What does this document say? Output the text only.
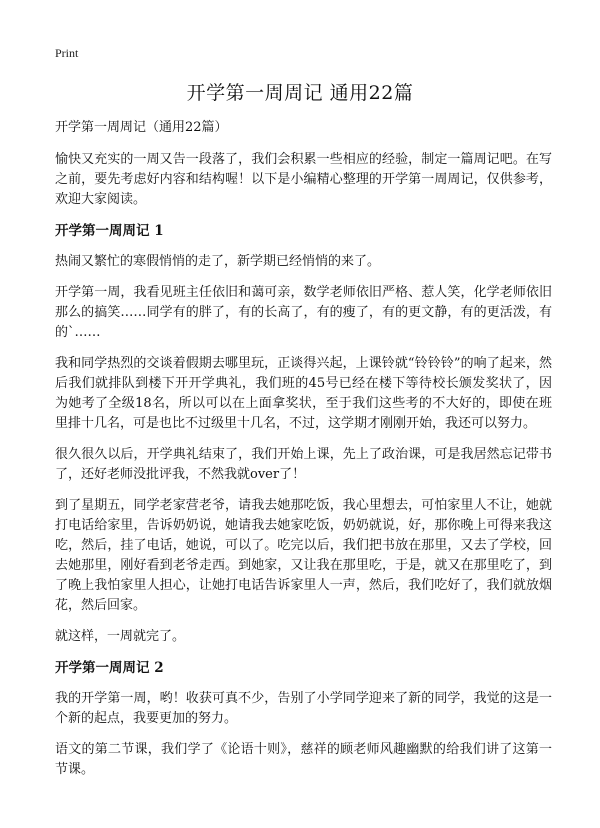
Print
开学第一周周记 通用22篇

开学第一周周记（通用22篇）

愉快又充实的一周又告一段落了，我们会积累一些相应的经验，制定一篇周记吧。在写之前，要先考虑好内容和结构喔！以下是小编精心整理的开学第一周周记，仅供参考，欢迎大家阅读。

开学第一周周记 1

热闹又繁忙的寒假悄悄的走了，新学期已经悄悄的来了。

开学第一周，我看见班主任依旧和蔼可亲，数学老师依旧严格、惹人笑，化学老师依旧那么的搞笑……同学有的胖了，有的长高了，有的瘦了，有的更文静，有的更活泼，有的`……

我和同学热烈的交谈着假期去哪里玩，正谈得兴起，上课铃就“铃铃铃”的响了起来，然后我们就排队到楼下开开学典礼，我们班的45号已经在楼下等待校长颁发奖状了，因为她考了全级18名，所以可以在上面拿奖状，至于我们这些考的不大好的，即使在班里排十几名，可是也比不过级里十几名，不过，这学期才刚刚开始，我还可以努力。

很久很久以后，开学典礼结束了，我们开始上课，先上了政治课，可是我居然忘记带书了，还好老师没批评我，不然我就over了！

到了星期五，同学老家营老爷，请我去她那吃饭，我心里想去，可怕家里人不让，她就打电话给家里，告诉奶奶说，她请我去她家吃饭，奶奶就说，好，那你晚上可得来我这吃，然后，挂了电话，她说，可以了。吃完以后，我们把书放在那里，又去了学校，回去她那里，刚好看到老爷走西。到她家，又让我在那里吃，于是，就又在那里吃了，到了晚上我怕家里人担心，让她打电话告诉家里人一声，然后，我们吃好了，我们就放烟花，然后回家。

就这样，一周就完了。

开学第一周周记 2

我的开学第一周，哟！收获可真不少，告别了小学同学迎来了新的同学，我觉的这是一个新的起点，我要更加的努力。

语文的第二节课，我们学了《论语十则》，慈祥的顾老师风趣幽默的给我们讲了这第一节课。
